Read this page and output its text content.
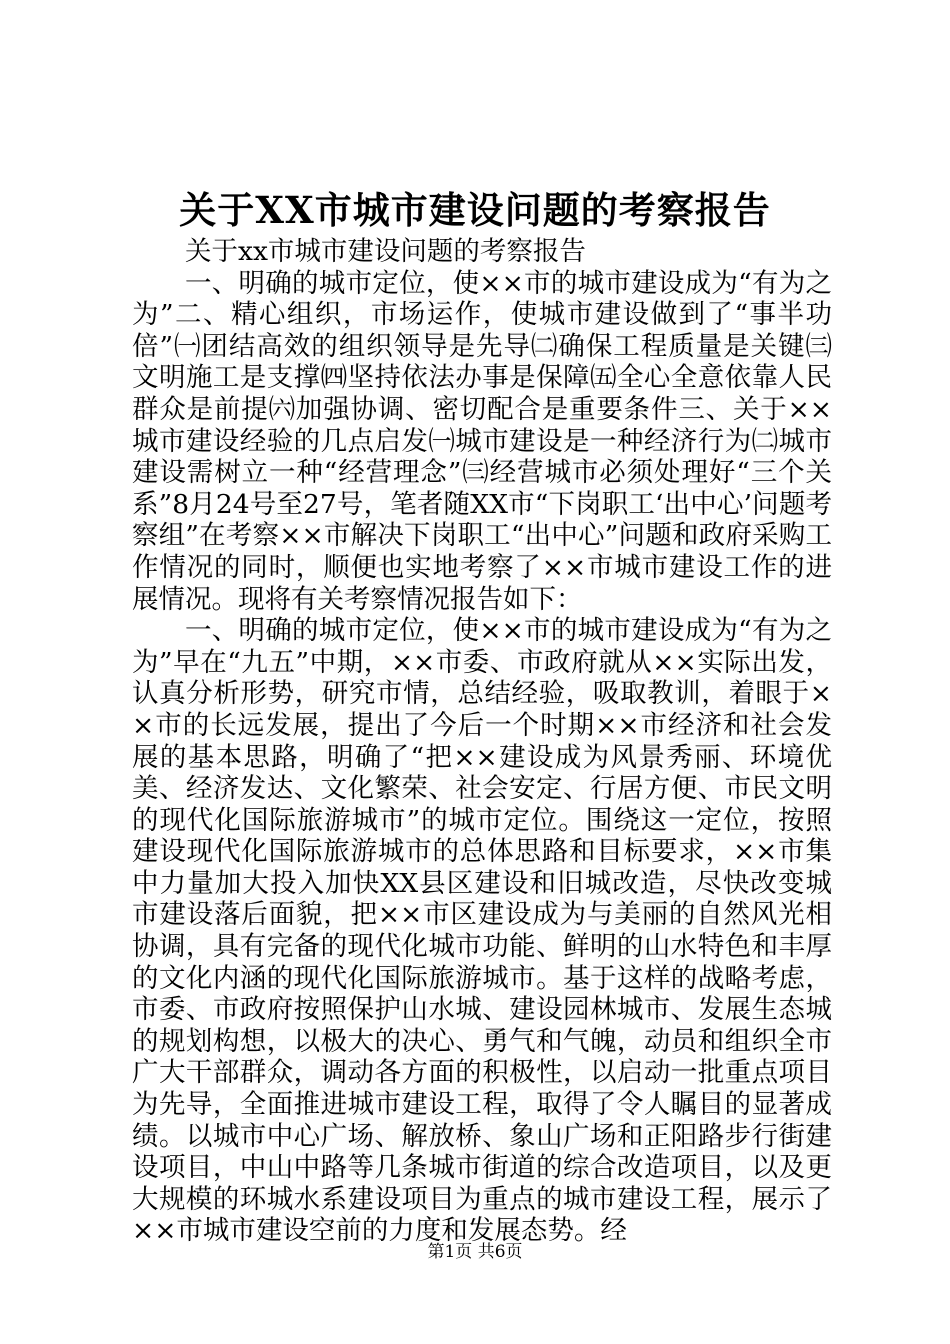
关于XX市城市建设问题的考察报告

关于xx市城市建设问题的考察报告

一、明确的城市定位，使××市的城市建设成为“有为之为”二、精心组织，市场运作，使城市建设做到了“事半功倍”㈠团结高效的组织领导是先导㈡确保工程质量是关键㈢文明施工是支撑㈣坚持依法办事是保障㈤全心全意依靠人民群众是前提㈥加强协调、密切配合是重要条件三、关于××城市建设经验的几点启发㈠城市建设是一种经济行为㈡城市建设需树立一种“经营理念”㈢经营城市必须处理好“三个关系”8月24号至27号，笔者随XX市“下岗职工‘出中心’问题考察组”在考察××市解决下岗职工“出中心”问题和政府采购工作情况的同时，顺便也实地考察了××市城市建设工作的进展情况。现将有关考察情况报告如下：

一、明确的城市定位，使××市的城市建设成为“有为之为”早在“九五”中期，××市委、市政府就从××实际出发，认真分析形势，研究市情，总结经验，吸取教训，着眼于××市的长远发展，提出了今后一个时期××市经济和社会发展的基本思路，明确了“把××建设成为风景秀丽、环境优美、经济发达、文化繁荣、社会安定、行居方便、市民文明的现代化国际旅游城市”的城市定位。围绕这一定位，按照建设现代化国际旅游城市的总体思路和目标要求，××市集中力量加大投入加快XX县区建设和旧城改造，尽快改变城市建设落后面貌，把××市区建设成为与美丽的自然风光相协调，具有完备的现代化城市功能、鲜明的山水特色和丰厚的文化内涵的现代化国际旅游城市。基于这样的战略考虑，市委、市政府按照保护山水城、建设园林城市、发展生态城的规划构想，以极大的决心、勇气和气魄，动员和组织全市广大干部群众，调动各方面的积极性，以启动一批重点项目为先导，全面推进城市建设工程，取得了令人瞩目的显著成绩。以城市中心广场、解放桥、象山广场和正阳路步行街建设项目，中山中路等几条城市街道的综合改造项目，以及更大规模的环城水系建设项目为重点的城市建设工程，展示了××市城市建设空前的力度和发展态势。经

第1页 共6页
